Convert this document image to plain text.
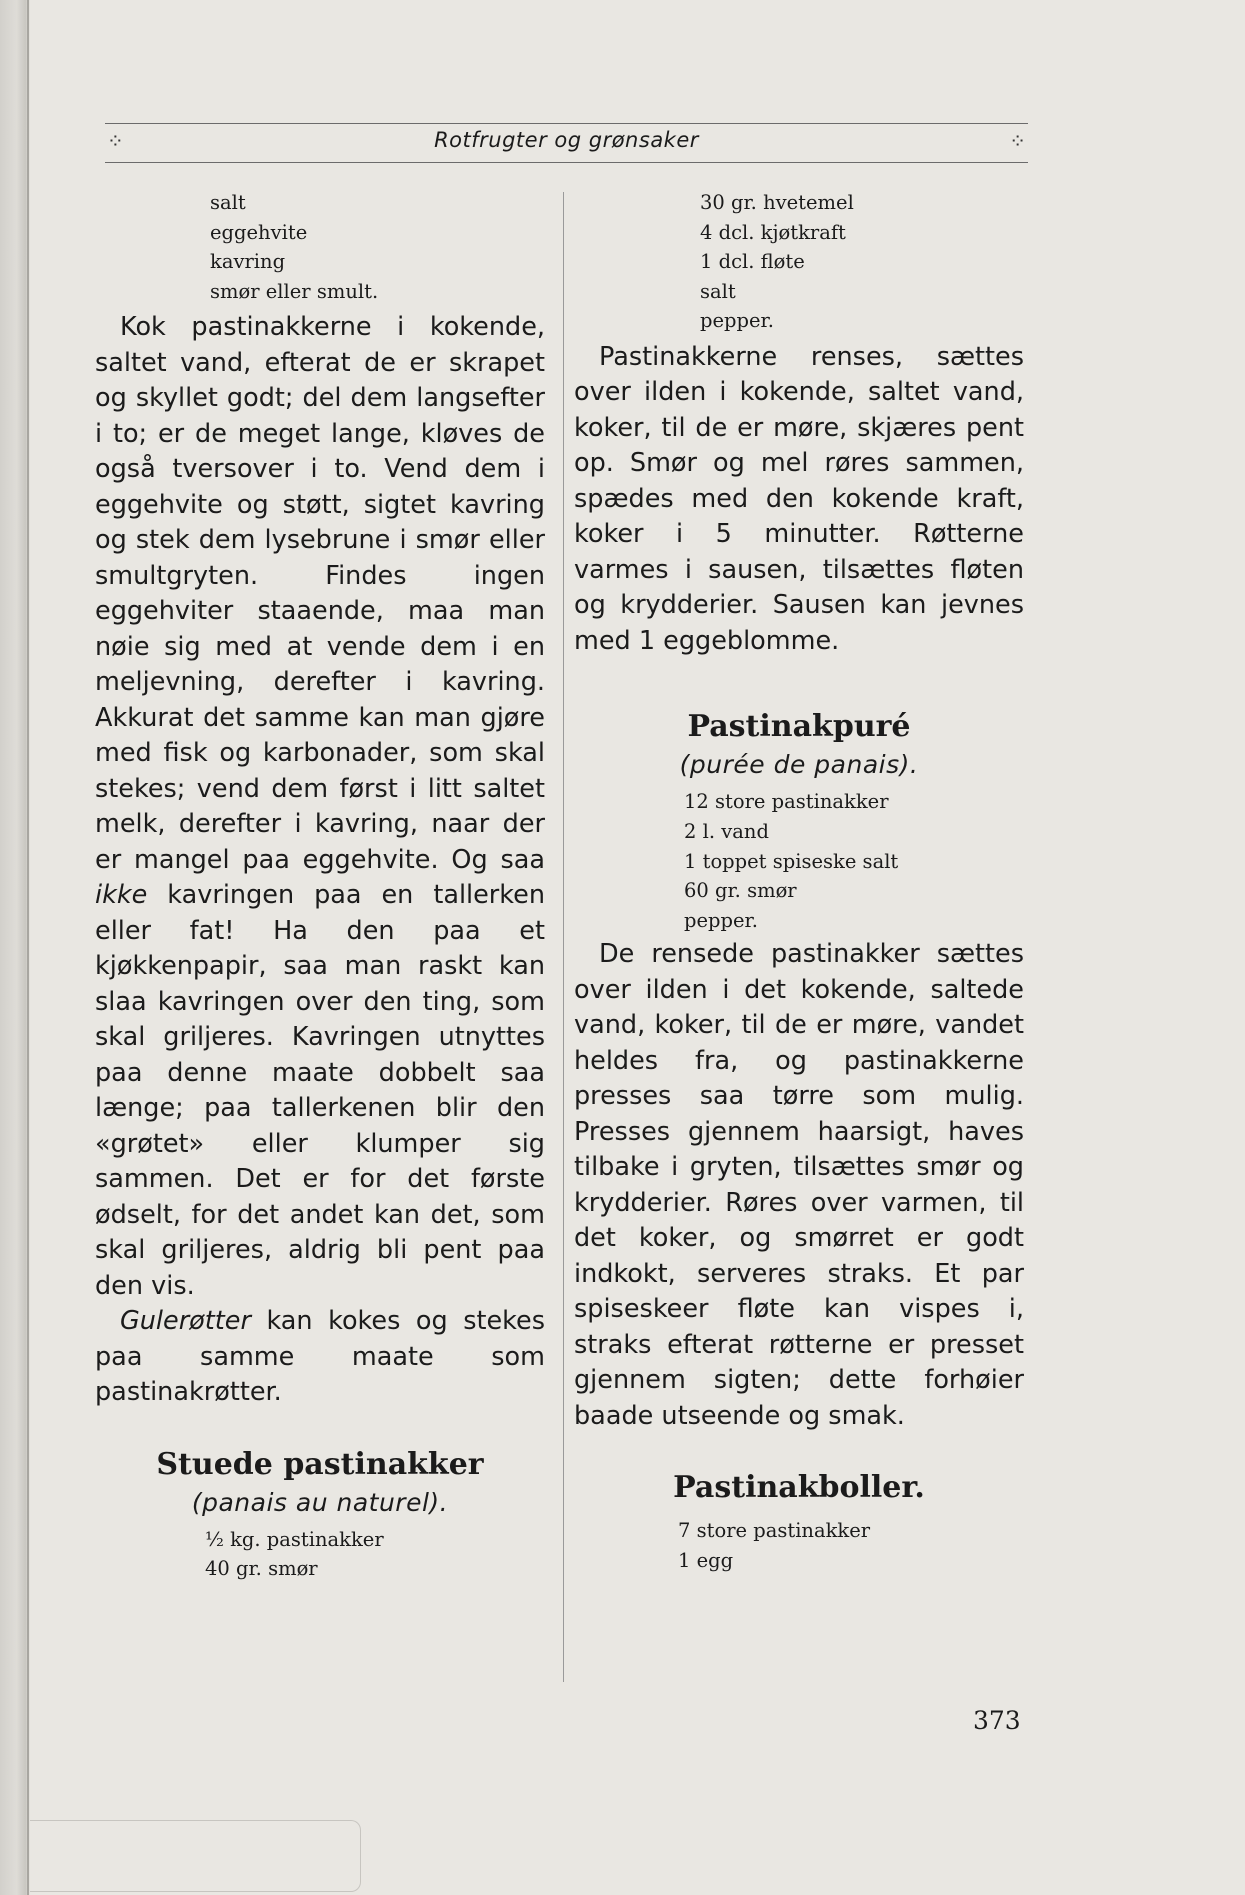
⁘	Rotfrugter og grønsaker	⁘
salt
eggehvite
kavring
smør eller smult.

Kok pastinakkerne i kokende, saltet vand, efterat de er skrapet og skyllet godt; del dem langsefter i to; er de meget lange, kløves de også tversover i to. Vend dem i eggehvite og støtt, sigtet kavring og stek dem lysebrune i smør eller smultgryten. Findes ingen eggehviter staaende, maa man nøie sig med at vende dem i en meljevning, derefter i kavring. Akkurat det samme kan man gjøre med fisk og karbonader, som skal stekes; vend dem først i litt saltet melk, derefter i kavring, naar der er mangel paa eggehvite. Og saa ikke kavringen paa en tallerken eller fat! Ha den paa et kjøkkenpapir, saa man raskt kan slaa kavringen over den ting, som skal griljeres. Kavringen utnyttes paa denne maate dobbelt saa længe; paa tallerkenen blir den «grøtet» eller klumper sig sammen. Det er for det første ødselt, for det andet kan det, som skal griljeres, aldrig bli pent paa den vis.

Gulerøtter kan kokes og stekes paa samme maate som pastinakrøtter.

Stuede pastinakker
(panais au naturel).
½ kg. pastinakker
40 gr. smør
30 gr. hvetemel
4 dcl. kjøtkraft
1 dcl. fløte
salt
pepper.

Pastinakkerne renses, sættes over ilden i kokende, saltet vand, koker, til de er møre, skjæres pent op. Smør og mel røres sammen, spædes med den kokende kraft, koker i 5 minutter. Røtterne varmes i sausen, tilsættes fløten og krydderier. Sausen kan jevnes med 1 eggeblomme.

Pastinakpuré
(purée de panais).
12 store pastinakker
2 l. vand
1 toppet spiseske salt
60 gr. smør
pepper.

De rensede pastinakker sættes over ilden i det kokende, saltede vand, koker, til de er møre, vandet heldes fra, og pastinakkerne presses saa tørre som mulig. Presses gjennem haarsigt, haves tilbake i gryten, tilsættes smør og krydderier. Røres over varmen, til det koker, og smørret er godt indkokt, serveres straks. Et par spiseskeer fløte kan vispes i, straks efterat røtterne er presset gjennem sigten; dette forhøier baade utseende og smak.

Pastinakboller.
7 store pastinakker
1 egg
373
